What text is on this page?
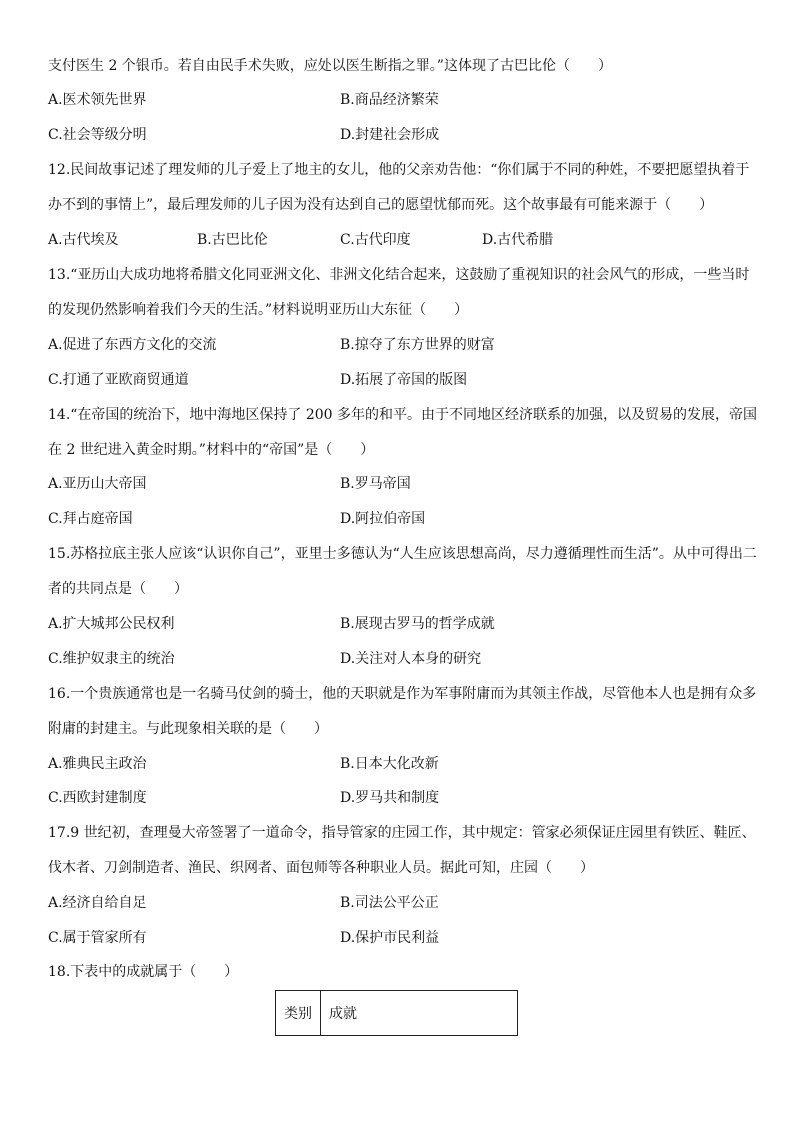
支付医生 2 个银币。若自由民手术失败，应处以医生断指之罪。”这体现了古巴比伦（　　）
A.医术领先世界	B.商品经济繁荣
C.社会等级分明	D.封建社会形成
12.民间故事记述了理发师的儿子爱上了地主的女儿，他的父亲劝告他：“你们属于不同的种姓，不要把愿望执着于
办不到的事情上”，最后理发师的儿子因为没有达到自己的愿望忧郁而死。这个故事最有可能来源于（　　）
A.古代埃及	B.古巴比伦	C.古代印度	D.古代希腊
13.“亚历山大成功地将希腊文化同亚洲文化、非洲文化结合起来，这鼓励了重视知识的社会风气的形成，一些当时
的发现仍然影响着我们今天的生活。”材料说明亚历山大东征（　　）
A.促进了东西方文化的交流	B.掠夺了东方世界的财富
C.打通了亚欧商贸通道	D.拓展了帝国的版图
14.“在帝国的统治下，地中海地区保持了 200 多年的和平。由于不同地区经济联系的加强，以及贸易的发展，帝国
在 2 世纪进入黄金时期。”材料中的“帝国”是（　　）
A.亚历山大帝国	B.罗马帝国
C.拜占庭帝国	D.阿拉伯帝国
15.苏格拉底主张人应该“认识你自己”，亚里士多德认为“人生应该思想高尚，尽力遵循理性而生活”。从中可得出二
者的共同点是（　　）
A.扩大城邦公民权利	B.展现古罗马的哲学成就
C.维护奴隶主的统治	D.关注对人本身的研究
16.一个贵族通常也是一名骑马仗剑的骑士，他的天职就是作为军事附庸而为其领主作战，尽管他本人也是拥有众多
附庸的封建主。与此现象相关联的是（　　）
A.雅典民主政治	B.日本大化改新
C.西欧封建制度	D.罗马共和制度
17.9 世纪初，查理曼大帝签署了一道命令，指导管家的庄园工作，其中规定：管家必须保证庄园里有铁匠、鞋匠、
伐木者、刀剑制造者、渔民、织网者、面包师等各种职业人员。据此可知，庄园（　　）
A.经济自给自足	B.司法公平公正
C.属于管家所有	D.保护市民利益
18.下表中的成就属于（　　）
类别	成就
